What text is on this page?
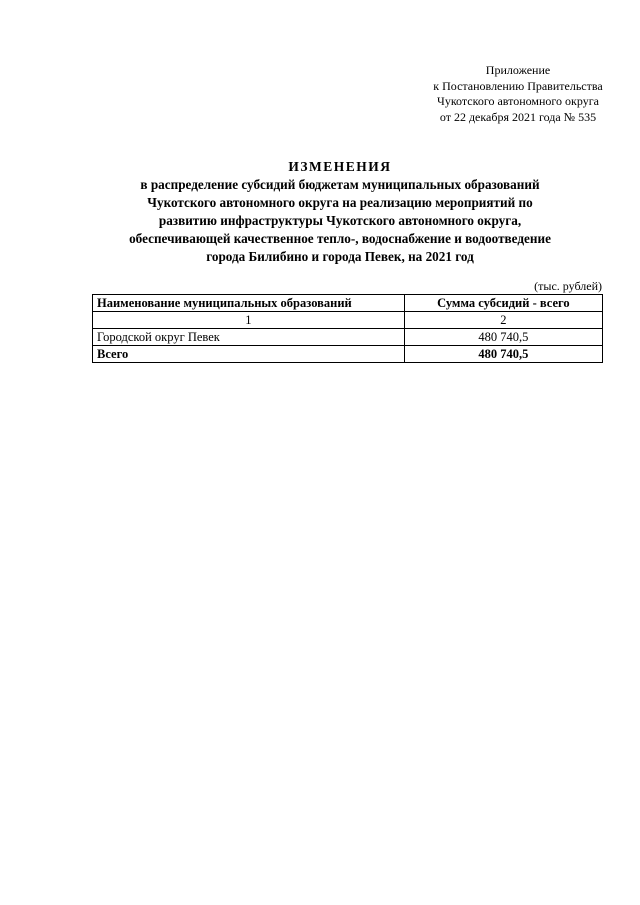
Приложение
к Постановлению Правительства
Чукотского автономного округа
от 22 декабря 2021 года № 535
ИЗМЕНЕНИЯ
в распределение субсидий бюджетам муниципальных образований
Чукотского автономного округа на реализацию мероприятий по
развитию инфраструктуры Чукотского автономного округа,
обеспечивающей качественное тепло-, водоснабжение и водоотведение
города Билибино и города Певек, на 2021 год
(тыс. рублей)
Наименование муниципальных образований	Сумма субсидий - всего
1	2
Городской округ Певек	480 740,5
Всего	480 740,5
